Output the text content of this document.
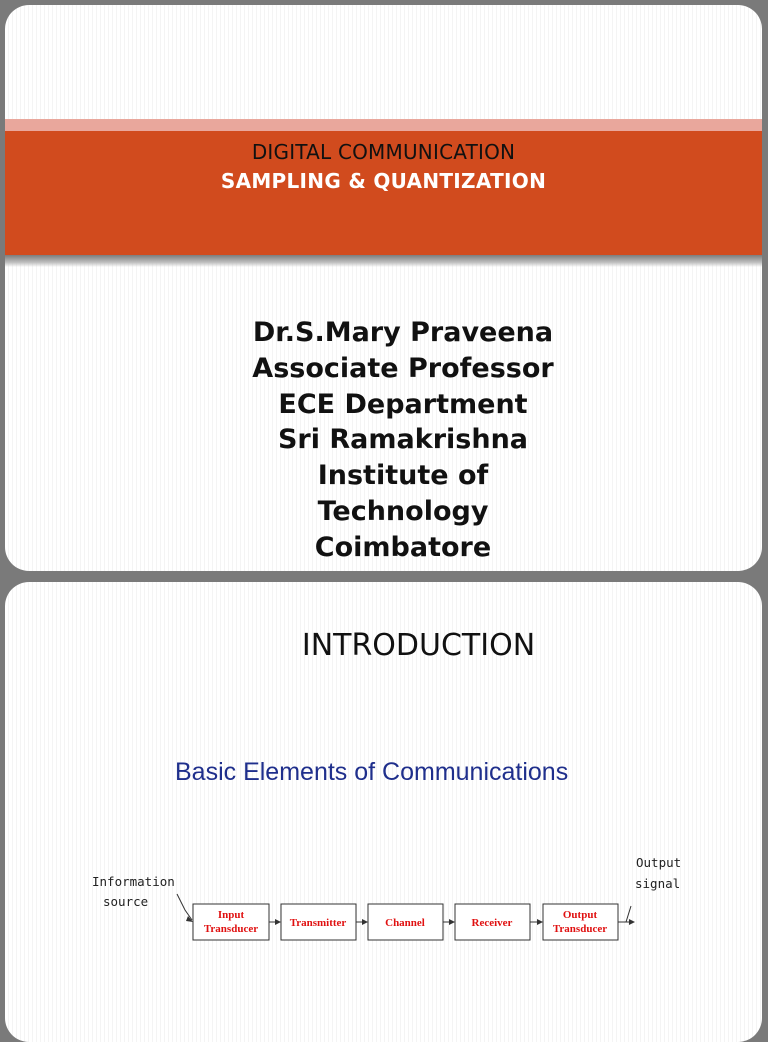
DIGITAL COMMUNICATION
SAMPLING & QUANTIZATION
Dr.S.Mary Praveena
Associate Professor
ECE Department
Sri Ramakrishna
Institute of
Technology
Coimbatore
INTRODUCTION
Basic Elements of Communications
Information
source
Input
Transducer	Transmitter	Channel	Receiver
Output
Transducer
Output
signal
